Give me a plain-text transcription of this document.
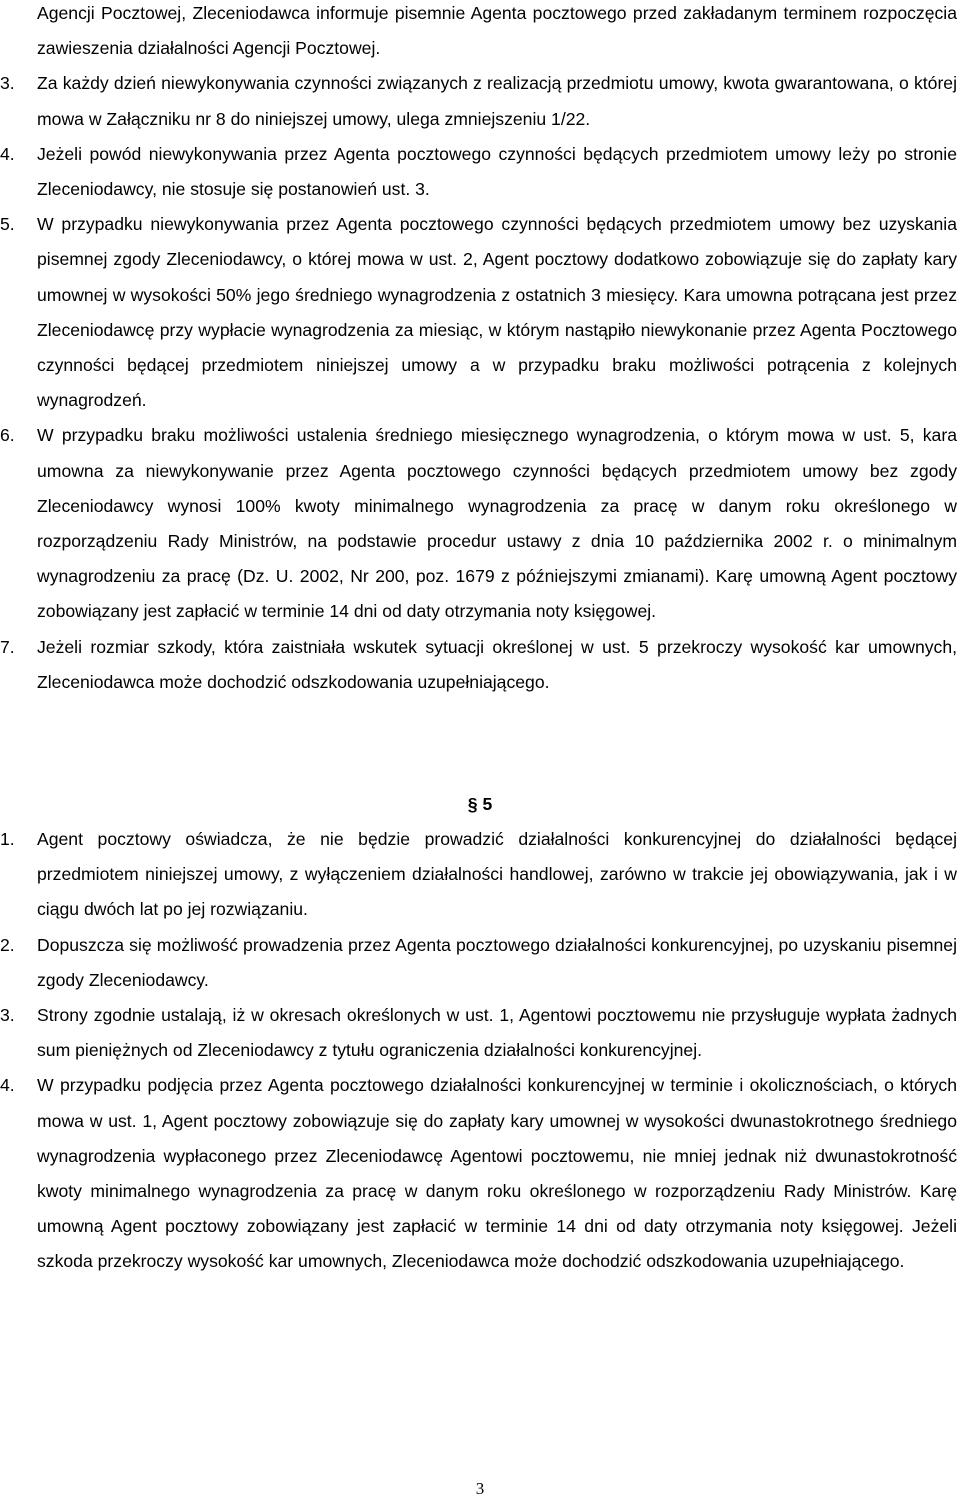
Agencji Pocztowej, Zleceniodawca informuje pisemnie Agenta pocztowego przed zakładanym terminem rozpoczęcia zawieszenia działalności Agencji Pocztowej.
3.	Za każdy dzień niewykonywania czynności związanych z realizacją przedmiotu umowy, kwota gwarantowana, o której mowa w Załączniku nr 8 do niniejszej umowy, ulega zmniejszeniu 1/22.
4.	Jeżeli powód niewykonywania przez Agenta pocztowego czynności będących przedmiotem umowy leży po stronie Zleceniodawcy, nie stosuje się postanowień ust. 3.
5.	W przypadku niewykonywania przez Agenta pocztowego czynności będących przedmiotem umowy bez uzyskania pisemnej zgody Zleceniodawcy, o której mowa w ust. 2, Agent pocztowy dodatkowo zobowiązuje się do zapłaty kary umownej w wysokości 50% jego średniego wynagrodzenia z ostatnich 3 miesięcy. Kara umowna potrącana jest przez Zleceniodawcę przy wypłacie wynagrodzenia za miesiąc, w którym nastąpiło niewykonanie przez Agenta Pocztowego czynności będącej przedmiotem niniejszej umowy a w przypadku braku możliwości potrącenia z kolejnych wynagrodzeń.
6.	W przypadku braku możliwości ustalenia średniego miesięcznego wynagrodzenia, o którym mowa w ust. 5, kara umowna za niewykonywanie przez Agenta pocztowego czynności będących przedmiotem umowy bez zgody Zleceniodawcy wynosi 100% kwoty minimalnego wynagrodzenia za pracę w danym roku określonego w rozporządzeniu Rady Ministrów, na podstawie procedur ustawy z dnia 10 października 2002 r. o minimalnym wynagrodzeniu za pracę (Dz. U. 2002, Nr 200, poz. 1679 z późniejszymi zmianami). Karę umowną Agent pocztowy zobowiązany jest zapłacić w terminie 14 dni od daty otrzymania noty księgowej.
7.	Jeżeli rozmiar szkody, która zaistniała wskutek sytuacji określonej w ust. 5 przekroczy wysokość kar umownych, Zleceniodawca może dochodzić odszkodowania uzupełniającego.
§ 5
1.	Agent pocztowy oświadcza, że nie będzie prowadzić działalności konkurencyjnej do działalności będącej przedmiotem niniejszej umowy, z wyłączeniem działalności handlowej, zarówno w trakcie jej obowiązywania, jak i w ciągu dwóch lat po jej rozwiązaniu.
2.	Dopuszcza się możliwość prowadzenia przez Agenta pocztowego działalności konkurencyjnej, po uzyskaniu pisemnej zgody Zleceniodawcy.
3.	Strony zgodnie ustalają, iż w okresach określonych w ust. 1, Agentowi pocztowemu nie przysługuje wypłata żadnych sum pieniężnych od Zleceniodawcy z tytułu ograniczenia działalności konkurencyjnej.
4.	W przypadku podjęcia przez Agenta pocztowego działalności konkurencyjnej w terminie i okolicznościach, o których mowa w ust. 1, Agent pocztowy zobowiązuje się do zapłaty kary umownej w wysokości dwunastokrotnego średniego wynagrodzenia wypłaconego przez Zleceniodawcę Agentowi pocztowemu, nie mniej jednak niż dwunastokrotność kwoty minimalnego wynagrodzenia za pracę w danym roku określonego w rozporządzeniu Rady Ministrów. Karę umowną Agent pocztowy zobowiązany jest zapłacić w terminie 14 dni od daty otrzymania noty księgowej. Jeżeli szkoda przekroczy wysokość kar umownych, Zleceniodawca może dochodzić odszkodowania uzupełniającego.
3
